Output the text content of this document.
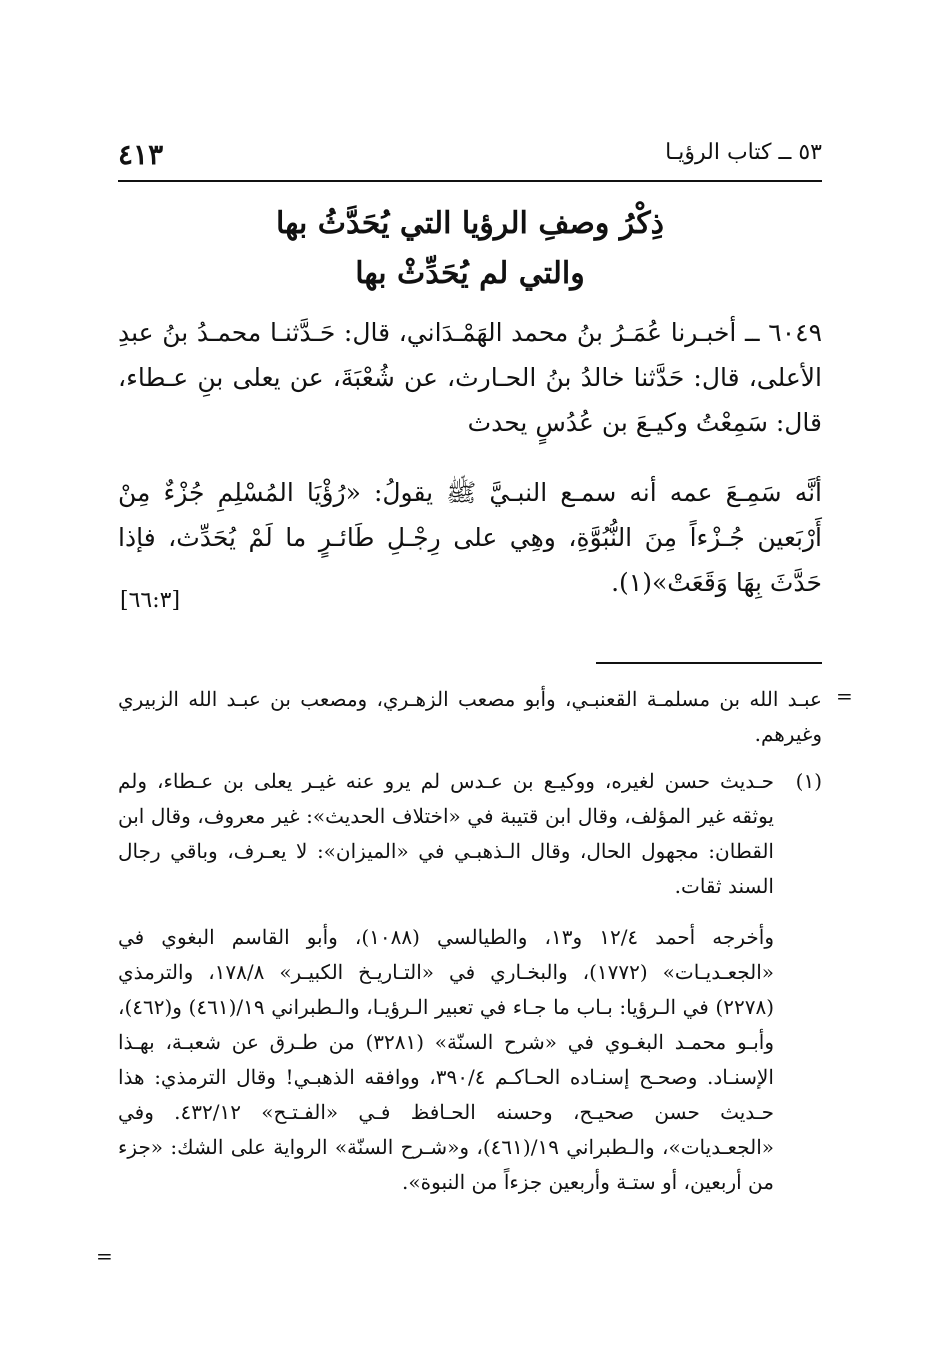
٥٣ ــ كتاب الرؤيـا
٤١٣
ذِكْرُ وصفِ الرؤيا التي يُحَدَّثُ بها
والتي لم يُحَدِّثْ بها
٦٠٤٩ ــ أخبـرنا عُمَـرُ بنُ محمد الهَمْـدَاني، قال: حَـدَّثنـا محمـدُ بنُ عبدِ الأعلى، قال: حَدَّثنا خالدُ بنُ الحـارث، عن شُعْبَةَ، عن يعلى بنِ عـطاء، قال: سَمِعْتُ وكيـعَ بن عُدُسٍ يحدث
أنَّه سَمِـعَ عمه أنه سمـع النبـيَّ ﷺ يقولُ: «رُؤْيَا المُسْلِمِ جُزْءٌ مِنْ أَرْبَعين جُـزْءاً مِنَ النُّبُوَّةِ، وهِي على رِجْـلِ طَائـرٍ ما لَمْ يُحَدِّث، فإذا حَدَّثَ بِهَا وَقَعَتْ»(١).
[٦٦:٣]
=
عبـد الله بن مسلمـة القعنبـي، وأبو مصعب الزهـري، ومصعب بن عبـد الله الزبيري وغيرهم.
(١)
حـديث حسن لغيره، ووكيـع بن عـدس لم يرو عنه غيـر يعلى بن عـطاء، ولم يوثقه غير المؤلف، وقال ابن قتيبة في «اختلاف الحديث»: غير معروف، وقال ابن القطان: مجهول الحال، وقال الـذهبـي في «الميزان»: لا يعـرف، وباقي رجال السند ثقات.
وأخرجه أحمد ١٢/٤ و١٣، والطيالسي (١٠٨٨)، وأبو القاسم البغوي في «الجعـديـات» (١٧٧٢)، والبخـاري في «التـاريـخ الكبيـر» ١٧٨/٨، والترمذي (٢٢٧٨) في الـرؤيا: بـاب ما جـاء في تعبير الـرؤيـا، والـطبراني ١٩/(٤٦١) و(٤٦٢)، وأبـو محمـد البغـوي في «شرح السنّة» (٣٢٨١) من طـرق عن شعبـة، بهـذا الإسنـاد. وصحـح إسنـاده الحـاكـم ٣٩٠/٤، ووافقه الذهبـي! وقال الترمذي: هذا حـديث حسن صحيـح، وحسنه الحـافظ فـي «الفـتـح» ٤٣٢/١٢. وفي «الجعـديات»، والـطبراني ١٩/(٤٦١)، و«شـرح السنّة» الرواية على الشك: «جزء من أربعين، أو ستـة وأربعين جزءاً من النبوة».
=
